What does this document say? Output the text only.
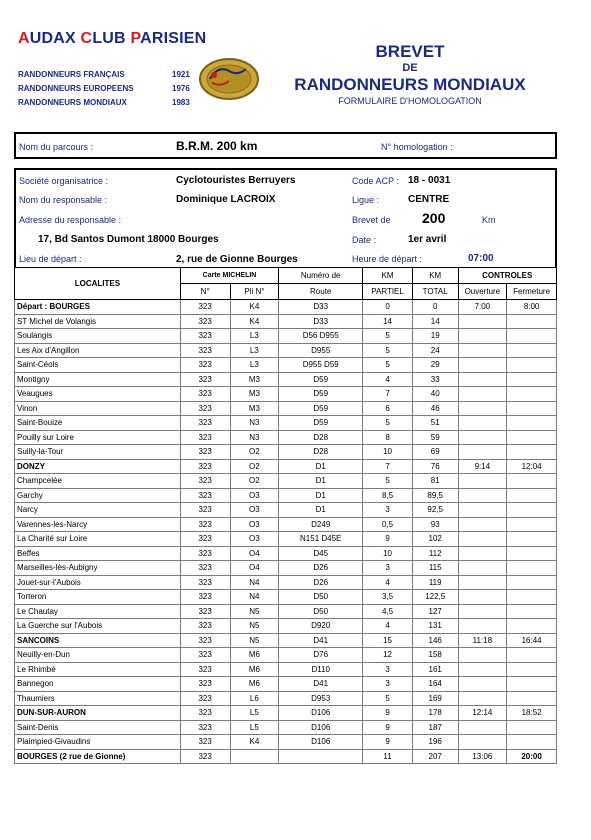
AUDAX CLUB PARISIEN
RANDONNEURS FRANÇAIS	1921
RANDONNEURS EUROPEENS	1976
RANDONNEURS MONDIAUX	1983
BREVET
DE
RANDONNEURS MONDIAUX
FORMULAIRE D'HOMOLOGATION
Nom du parcours :	B.R.M. 200 km	N° homologation :
Société organisatrice :	Cyclotouristes Berruyers	Code ACP : 18 - 0031
Nom du responsable :	Dominique LACROIX	Ligue :	CENTRE
Adresse du responsable :	Brevet de 200	Km
17, Bd Santos Dumont 18000 Bourges	Date :	1er avril
Lieu de départ :	2, rue de Gionne Bourges	Heure de départ :	07:00
LOCALITES	Carte MICHELIN		Numéro de	KM	KM	CONTROLES	
	N°	Pli N°	Route	PARTIEL	TOTAL	Ouverture	Fermeture
Départ : BOURGES	323	K4	D33	0	0	7:00	8:00
ST Michel de Volangis	323	K4	D33	14	14		
Soulangis	323	L3	D56 D955	5	19		
Les Aix d'Angillon	323	L3	D955	5	24		
Saint-Céols	323	L3	D955 D59	5	29		
Montigny	323	M3	D59	4	33		
Veaugues	323	M3	D59	7	40		
Vinon	323	M3	D59	6	46		
Saint-Bouize	323	N3	D59	5	51		
Pouilly sur Loire	323	N3	D28	8	59		
Suilly-la-Tour	323	O2	D28	10	69		
DONZY	323	O2	D1	7	76	9:14	12:04
Champcelée	323	O2	D1	5	81		
Garchy	323	O3	D1	8,5	89,5		
Narcy	323	O3	D1	3	92,5		
Varennes-les-Narcy	323	O3	D249	0,5	93		
La Charité sur Loire	323	O3	N151 D45E	9	102		
Beffes	323	O4	D45	10	112		
Marseilles-lès-Aubigny	323	O4	D26	3	115		
Jouet-sur-l'Aubois	323	N4	D26	4	119		
Torteron	323	N4	D50	3,5	122,5		
Le Chautay	323	N5	D50	4,5	127		
La Guerche sur l'Aubois	323	N5	D920	4	131		
SANCOINS	323	N5	D41	15	146	11:18	16:44
Neuilly-en-Dun	323	M6	D76	12	158		
Le Rhimbé	323	M6	D110	3	161		
Bannegon	323	M6	D41	3	164		
Thaumiers	323	L6	D953	5	169		
DUN-SUR-AURON	323	L5	D106	9	178	12:14	18:52
Saint-Denis	323	L5	D106	9	187		
Plaimpied-Givaudins	323	K4	D106	9	196		
BOURGES (2 rue de Gionne)	323			11	207	13:06	20:00
